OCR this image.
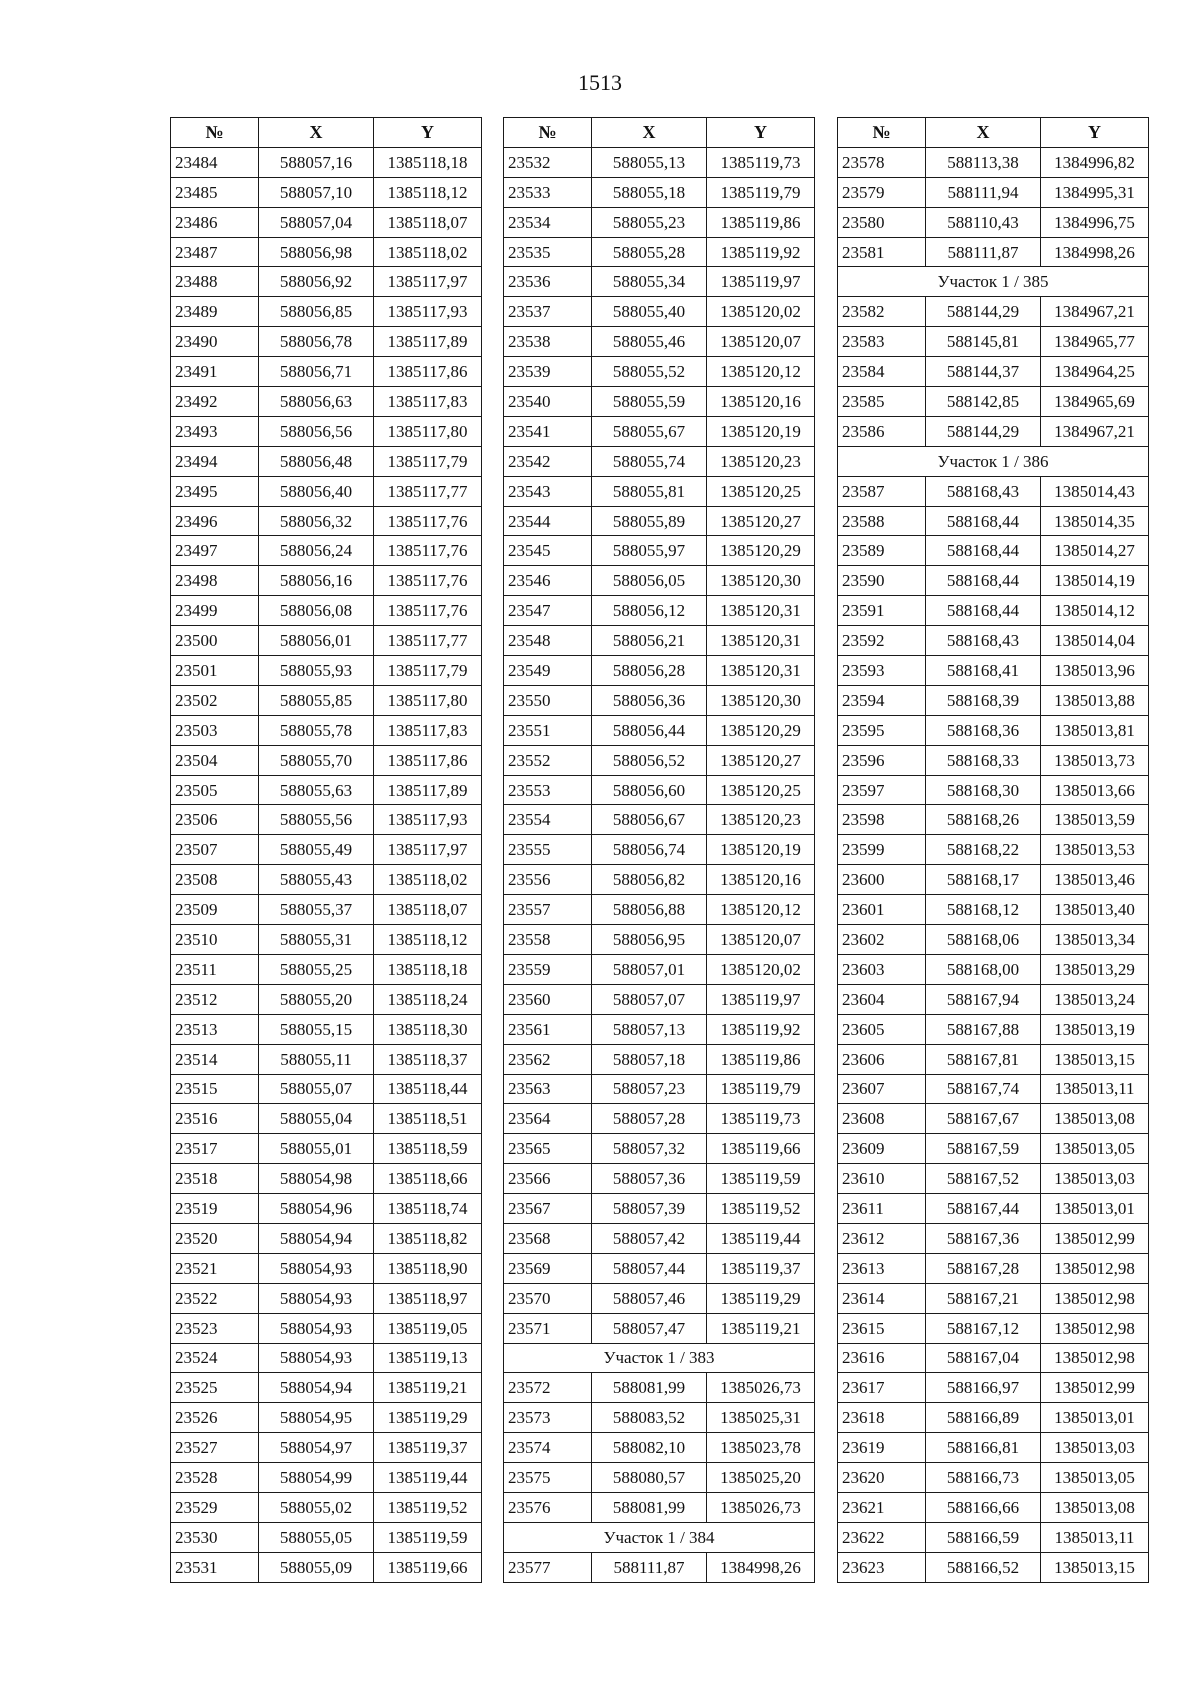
1513
№	X	Y
23484	588057,16	1385118,18
23485	588057,10	1385118,12
23486	588057,04	1385118,07
23487	588056,98	1385118,02
23488	588056,92	1385117,97
23489	588056,85	1385117,93
23490	588056,78	1385117,89
23491	588056,71	1385117,86
23492	588056,63	1385117,83
23493	588056,56	1385117,80
23494	588056,48	1385117,79
23495	588056,40	1385117,77
23496	588056,32	1385117,76
23497	588056,24	1385117,76
23498	588056,16	1385117,76
23499	588056,08	1385117,76
23500	588056,01	1385117,77
23501	588055,93	1385117,79
23502	588055,85	1385117,80
23503	588055,78	1385117,83
23504	588055,70	1385117,86
23505	588055,63	1385117,89
23506	588055,56	1385117,93
23507	588055,49	1385117,97
23508	588055,43	1385118,02
23509	588055,37	1385118,07
23510	588055,31	1385118,12
23511	588055,25	1385118,18
23512	588055,20	1385118,24
23513	588055,15	1385118,30
23514	588055,11	1385118,37
23515	588055,07	1385118,44
23516	588055,04	1385118,51
23517	588055,01	1385118,59
23518	588054,98	1385118,66
23519	588054,96	1385118,74
23520	588054,94	1385118,82
23521	588054,93	1385118,90
23522	588054,93	1385118,97
23523	588054,93	1385119,05
23524	588054,93	1385119,13
23525	588054,94	1385119,21
23526	588054,95	1385119,29
23527	588054,97	1385119,37
23528	588054,99	1385119,44
23529	588055,02	1385119,52
23530	588055,05	1385119,59
23531	588055,09	1385119,66
№	X	Y
23532	588055,13	1385119,73
23533	588055,18	1385119,79
23534	588055,23	1385119,86
23535	588055,28	1385119,92
23536	588055,34	1385119,97
23537	588055,40	1385120,02
23538	588055,46	1385120,07
23539	588055,52	1385120,12
23540	588055,59	1385120,16
23541	588055,67	1385120,19
23542	588055,74	1385120,23
23543	588055,81	1385120,25
23544	588055,89	1385120,27
23545	588055,97	1385120,29
23546	588056,05	1385120,30
23547	588056,12	1385120,31
23548	588056,21	1385120,31
23549	588056,28	1385120,31
23550	588056,36	1385120,30
23551	588056,44	1385120,29
23552	588056,52	1385120,27
23553	588056,60	1385120,25
23554	588056,67	1385120,23
23555	588056,74	1385120,19
23556	588056,82	1385120,16
23557	588056,88	1385120,12
23558	588056,95	1385120,07
23559	588057,01	1385120,02
23560	588057,07	1385119,97
23561	588057,13	1385119,92
23562	588057,18	1385119,86
23563	588057,23	1385119,79
23564	588057,28	1385119,73
23565	588057,32	1385119,66
23566	588057,36	1385119,59
23567	588057,39	1385119,52
23568	588057,42	1385119,44
23569	588057,44	1385119,37
23570	588057,46	1385119,29
23571	588057,47	1385119,21
Участок 1 / 383		
23572	588081,99	1385026,73
23573	588083,52	1385025,31
23574	588082,10	1385023,78
23575	588080,57	1385025,20
23576	588081,99	1385026,73
Участок 1 / 384		
23577	588111,87	1384998,26
№	X	Y
23578	588113,38	1384996,82
23579	588111,94	1384995,31
23580	588110,43	1384996,75
23581	588111,87	1384998,26
Участок 1 / 385		
23582	588144,29	1384967,21
23583	588145,81	1384965,77
23584	588144,37	1384964,25
23585	588142,85	1384965,69
23586	588144,29	1384967,21
Участок 1 / 386		
23587	588168,43	1385014,43
23588	588168,44	1385014,35
23589	588168,44	1385014,27
23590	588168,44	1385014,19
23591	588168,44	1385014,12
23592	588168,43	1385014,04
23593	588168,41	1385013,96
23594	588168,39	1385013,88
23595	588168,36	1385013,81
23596	588168,33	1385013,73
23597	588168,30	1385013,66
23598	588168,26	1385013,59
23599	588168,22	1385013,53
23600	588168,17	1385013,46
23601	588168,12	1385013,40
23602	588168,06	1385013,34
23603	588168,00	1385013,29
23604	588167,94	1385013,24
23605	588167,88	1385013,19
23606	588167,81	1385013,15
23607	588167,74	1385013,11
23608	588167,67	1385013,08
23609	588167,59	1385013,05
23610	588167,52	1385013,03
23611	588167,44	1385013,01
23612	588167,36	1385012,99
23613	588167,28	1385012,98
23614	588167,21	1385012,98
23615	588167,12	1385012,98
23616	588167,04	1385012,98
23617	588166,97	1385012,99
23618	588166,89	1385013,01
23619	588166,81	1385013,03
23620	588166,73	1385013,05
23621	588166,66	1385013,08
23622	588166,59	1385013,11
23623	588166,52	1385013,15
